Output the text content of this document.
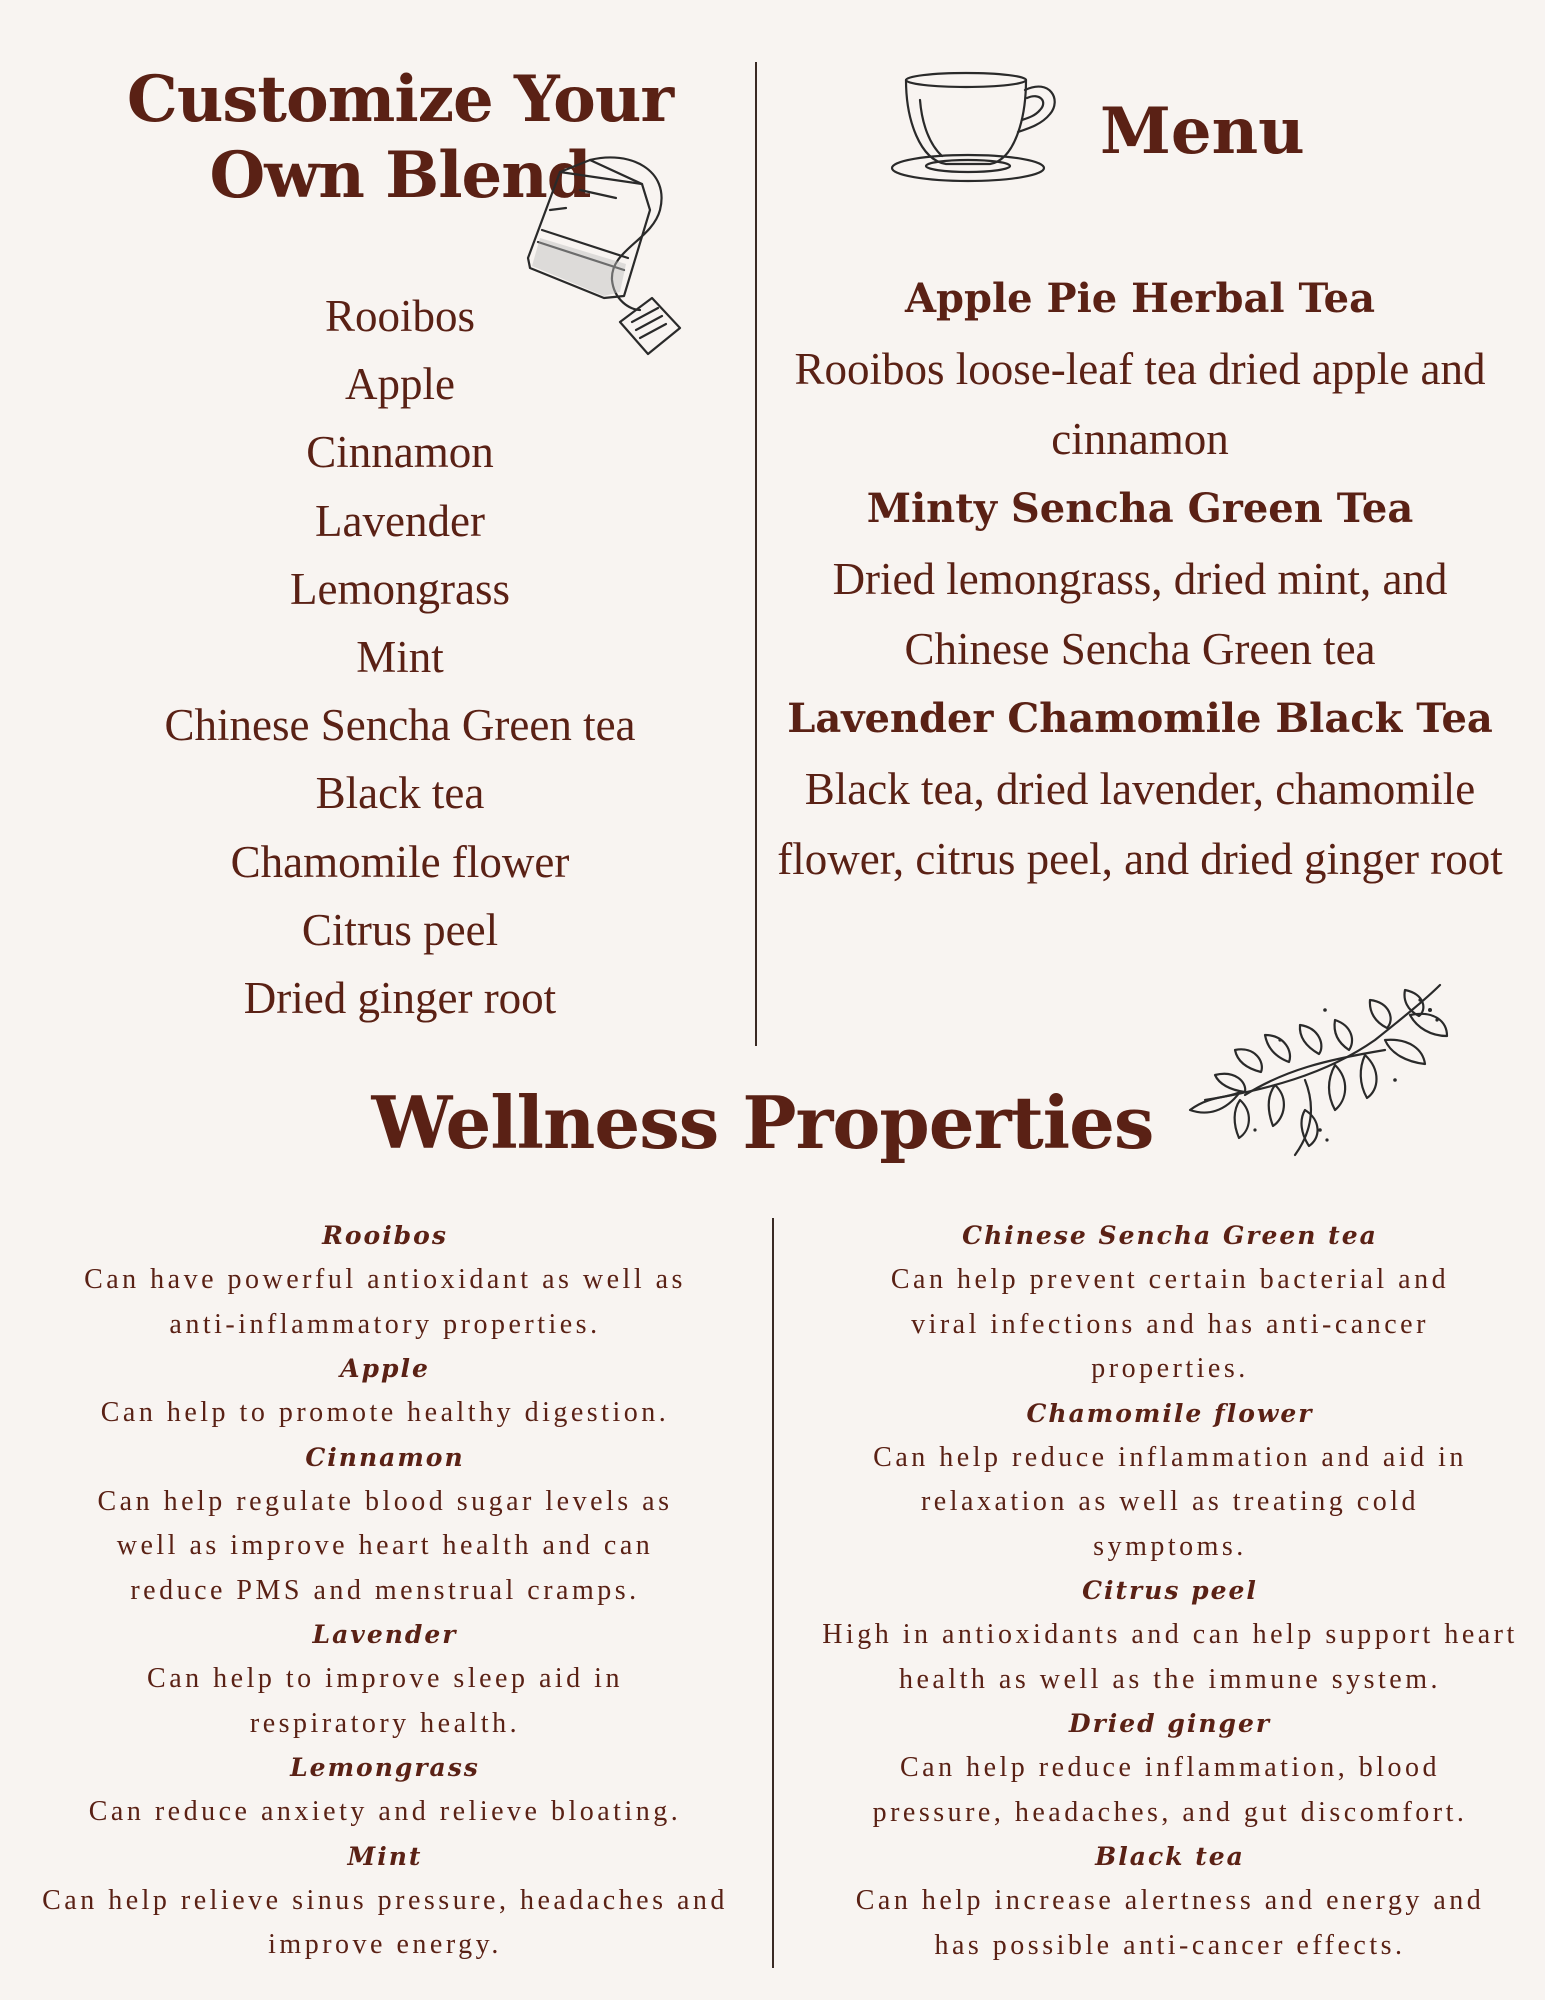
Customize Your Own Blend
Rooibos
Apple
Cinnamon
Lavender
Lemongrass
Mint
Chinese Sencha Green tea
Black tea
Chamomile flower
Citrus peel
Dried ginger root
Menu
Apple Pie Herbal Tea
Rooibos loose-leaf tea dried apple and cinnamon
Minty Sencha Green Tea
Dried lemongrass, dried mint, and Chinese Sencha Green tea
Lavender Chamomile Black Tea
Black tea, dried lavender, chamomile flower, citrus peel, and dried ginger root
Wellness Properties
Rooibos
Can have powerful antioxidant as well as anti-inflammatory properties.
Apple
Can help to promote healthy digestion.
Cinnamon
Can help regulate blood sugar levels as well as improve heart health and can reduce PMS and menstrual cramps.
Lavender
Can help to improve sleep aid in respiratory health.
Lemongrass
Can reduce anxiety and relieve bloating.
Mint
Can help relieve sinus pressure, headaches and improve energy.
Chinese Sencha Green tea
Can help prevent certain bacterial and viral infections and has anti-cancer properties.
Chamomile flower
Can help reduce inflammation and aid in relaxation as well as treating cold symptoms.
Citrus peel
High in antioxidants and can help support heart health as well as the immune system.
Dried ginger
Can help reduce inflammation, blood pressure, headaches, and gut discomfort.
Black tea
Can help increase alertness and energy and has possible anti-cancer effects.
